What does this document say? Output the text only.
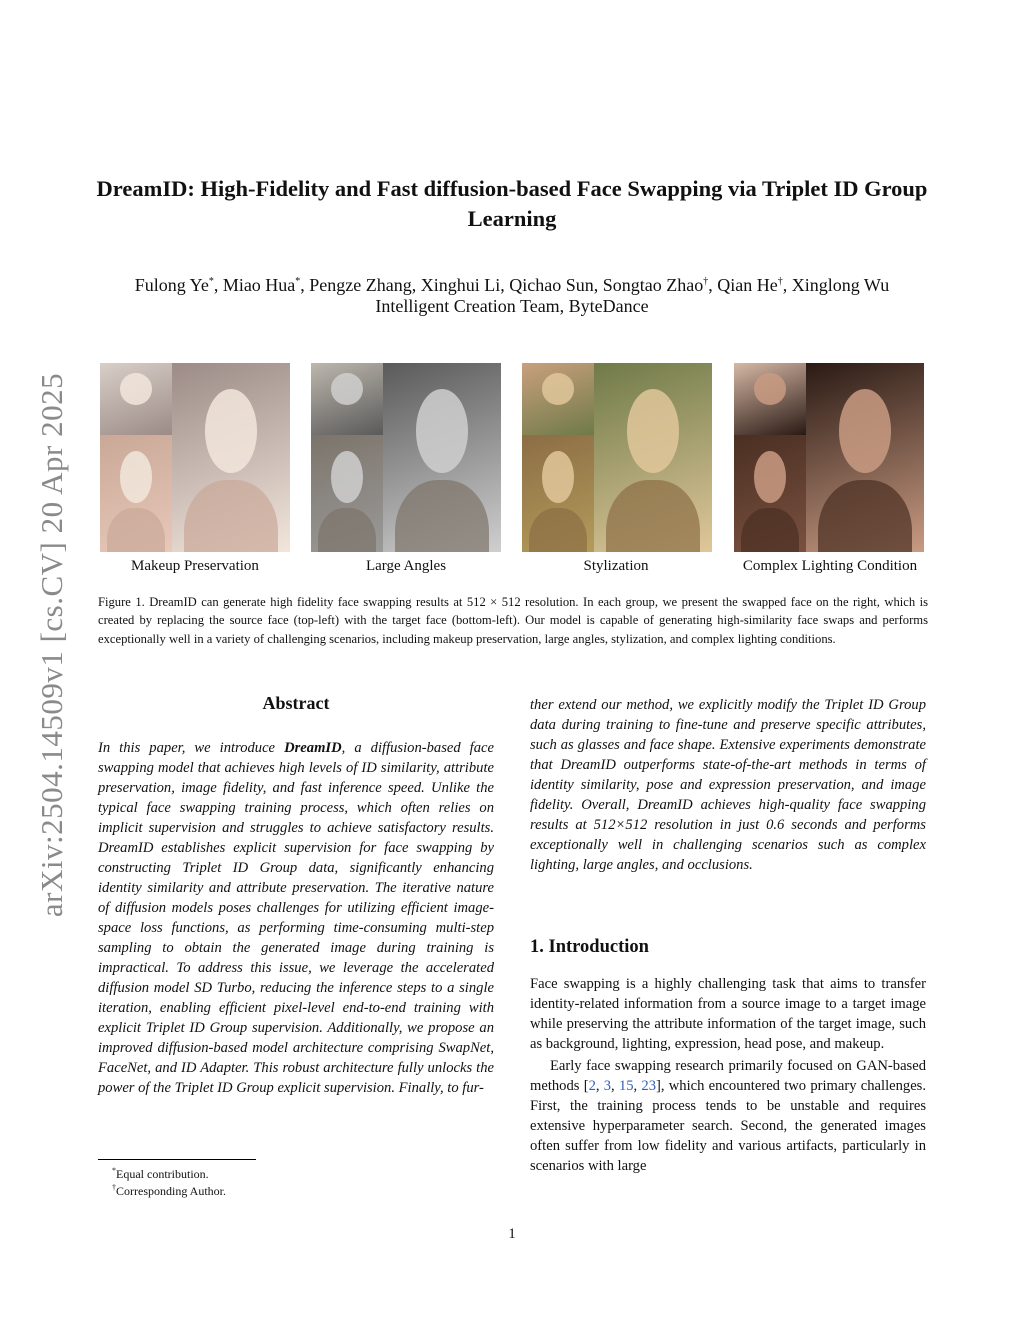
arXiv:2504.14509v1 [cs.CV] 20 Apr 2025
DreamID: High-Fidelity and Fast diffusion-based Face Swapping via Triplet ID Group Learning
Fulong Ye*, Miao Hua*, Pengze Zhang, Xinghui Li, Qichao Sun, Songtao Zhao†, Qian He†, Xinglong Wu
Intelligent Creation Team, ByteDance
Makeup Preservation	Large Angles	Stylization	Complex Lighting Condition
Figure 1. DreamID can generate high fidelity face swapping results at 512 × 512 resolution. In each group, we present the swapped face on the right, which is created by replacing the source face (top-left) with the target face (bottom-left). Our model is capable of generating high-similarity face swaps and performs exceptionally well in a variety of challenging scenarios, including makeup preservation, large angles, stylization, and complex lighting conditions.
Abstract
In this paper, we introduce DreamID, a diffusion-based face swapping model that achieves high levels of ID similarity, attribute preservation, image fidelity, and fast inference speed. Unlike the typical face swapping training process, which often relies on implicit supervision and struggles to achieve satisfactory results. DreamID establishes explicit supervision for face swapping by constructing Triplet ID Group data, significantly enhancing identity similarity and attribute preservation. The iterative nature of diffusion models poses challenges for utilizing efficient image-space loss functions, as performing time-consuming multi-step sampling to obtain the generated image during training is impractical. To address this issue, we leverage the accelerated diffusion model SD Turbo, reducing the inference steps to a single iteration, enabling efficient pixel-level end-to-end training with explicit Triplet ID Group supervision. Additionally, we propose an improved diffusion-based model architecture comprising SwapNet, FaceNet, and ID Adapter. This robust architecture fully unlocks the power of the Triplet ID Group explicit supervision. Finally, to fur-
ther extend our method, we explicitly modify the Triplet ID Group data during training to fine-tune and preserve specific attributes, such as glasses and face shape. Extensive experiments demonstrate that DreamID outperforms state-of-the-art methods in terms of identity similarity, pose and expression preservation, and image fidelity. Overall, DreamID achieves high-quality face swapping results at 512×512 resolution in just 0.6 seconds and performs exceptionally well in challenging scenarios such as complex lighting, large angles, and occlusions.
1. Introduction

Face swapping is a highly challenging task that aims to transfer identity-related information from a source image to a target image while preserving the attribute information of the target image, such as background, lighting, expression, head pose, and makeup.

Early face swapping research primarily focused on GAN-based methods [2, 3, 15, 23], which encountered two primary challenges. First, the training process tends to be unstable and requires extensive hyperparameter search. Second, the generated images often suffer from low fidelity and various artifacts, particularly in scenarios with large

*Equal contribution.
†Corresponding Author.
1
